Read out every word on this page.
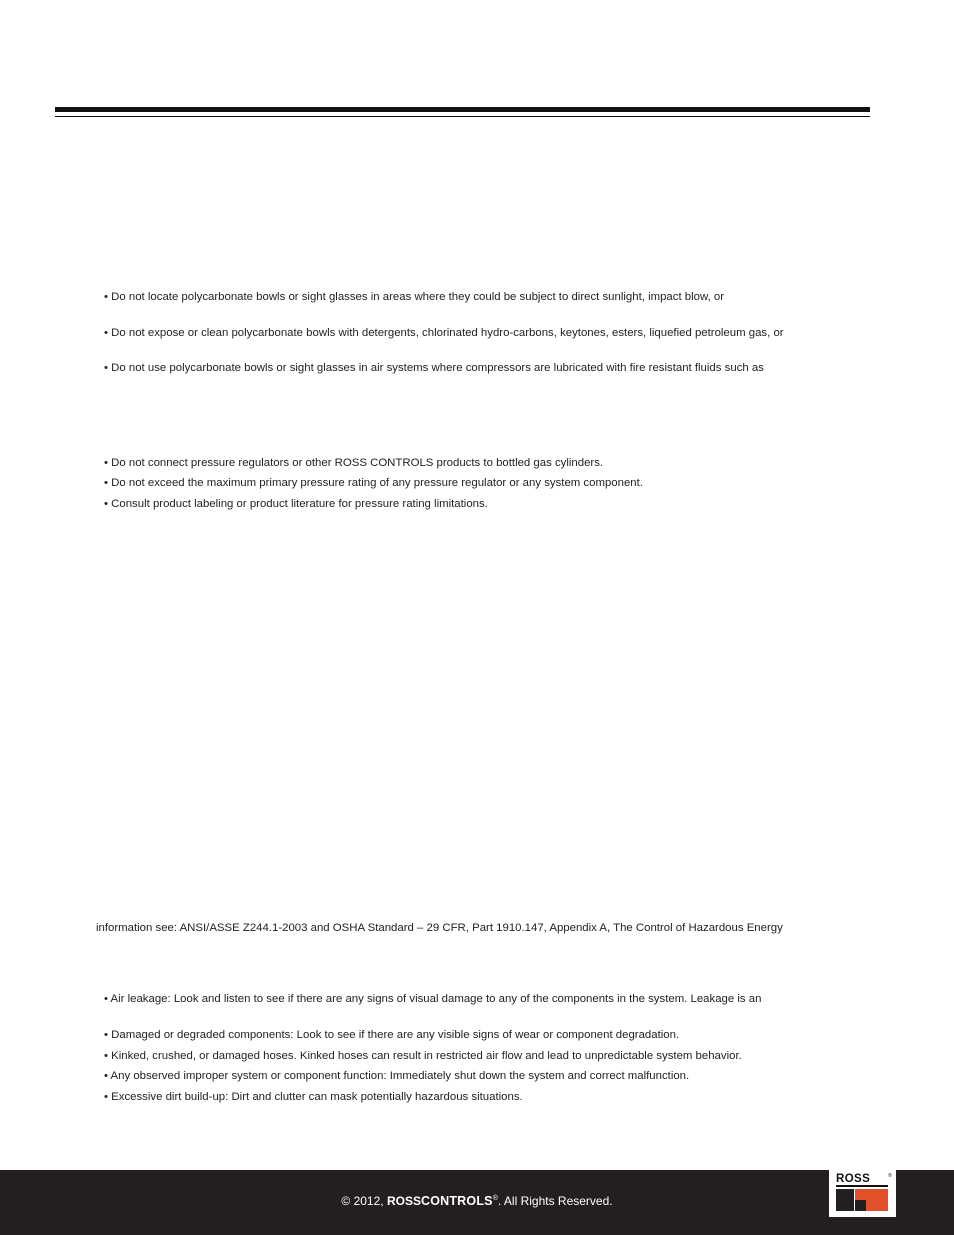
• Do not locate polycarbonate bowls or sight glasses in areas where they could be subject to direct sunlight, impact blow, or
• Do not expose or clean polycarbonate bowls with detergents, chlorinated hydro-carbons, keytones, esters, liquefied petroleum gas, or
• Do not use polycarbonate bowls or sight glasses in air systems where compressors are lubricated with fire resistant fluids such as
• Do not connect pressure regulators or other ROSS CONTROLS products to bottled gas cylinders.
• Do not exceed the maximum primary pressure rating of any pressure regulator or any system component.
• Consult product labeling or product literature for pressure rating limitations.
information see: ANSI/ASSE Z244.1-2003 and OSHA Standard – 29 CFR, Part 1910.147, Appendix A, The Control of Hazardous Energy
• Air leakage: Look and listen to see if there are any signs of visual damage to any of the components in the system. Leakage is an
• Damaged or degraded components: Look to see if there are any visible signs of wear or component degradation.
• Kinked, crushed, or damaged hoses. Kinked hoses can result in restricted air flow and lead to unpredictable system behavior.
• Any observed improper system or component function: Immediately shut down the system and correct malfunction.
• Excessive dirt build-up: Dirt and clutter can mask potentially hazardous situations.
© 2012, ROSSCONTROLS®. All Rights Reserved.
ROSS	®
